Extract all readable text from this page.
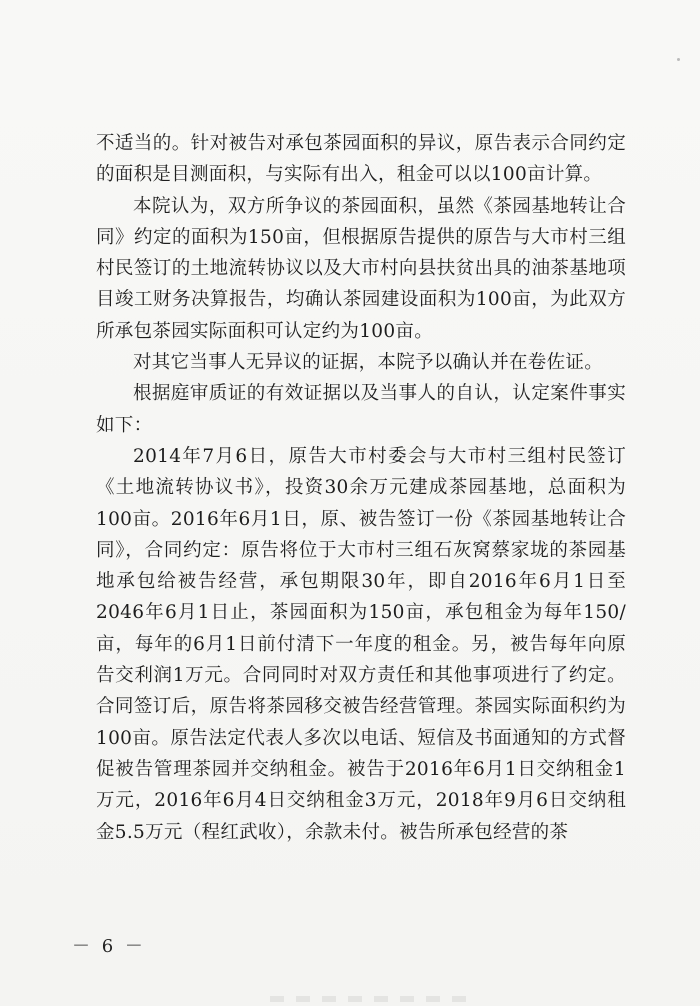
不适当的。针对被告对承包茶园面积的异议，原告表示合同约定的面积是目测面积，与实际有出入，租金可以以100亩计算。

本院认为，双方所争议的茶园面积，虽然《茶园基地转让合同》约定的面积为150亩，但根据原告提供的原告与大市村三组村民签订的土地流转协议以及大市村向县扶贫出具的油茶基地项目竣工财务决算报告，均确认茶园建设面积为100亩，为此双方所承包茶园实际面积可认定约为100亩。

对其它当事人无异议的证据，本院予以确认并在卷佐证。

根据庭审质证的有效证据以及当事人的自认，认定案件事实如下：

2014年7月6日，原告大市村委会与大市村三组村民签订《土地流转协议书》，投资30余万元建成茶园基地，总面积为100亩。2016年6月1日，原、被告签订一份《茶园基地转让合同》，合同约定：原告将位于大市村三组石灰窝蔡家垅的茶园基地承包给被告经营，承包期限30年，即自2016年6月1日至2046年6月1日止，茶园面积为150亩，承包租金为每年150/亩，每年的6月1日前付清下一年度的租金。另，被告每年向原告交利润1万元。合同同时对双方责任和其他事项进行了约定。合同签订后，原告将茶园移交被告经营管理。茶园实际面积约为100亩。原告法定代表人多次以电话、短信及书面通知的方式督促被告管理茶园并交纳租金。被告于2016年6月1日交纳租金1万元，2016年6月4日交纳租金3万元，2018年9月6日交纳租金5.5万元（程红武收），余款未付。被告所承包经营的茶

－ 6 －
